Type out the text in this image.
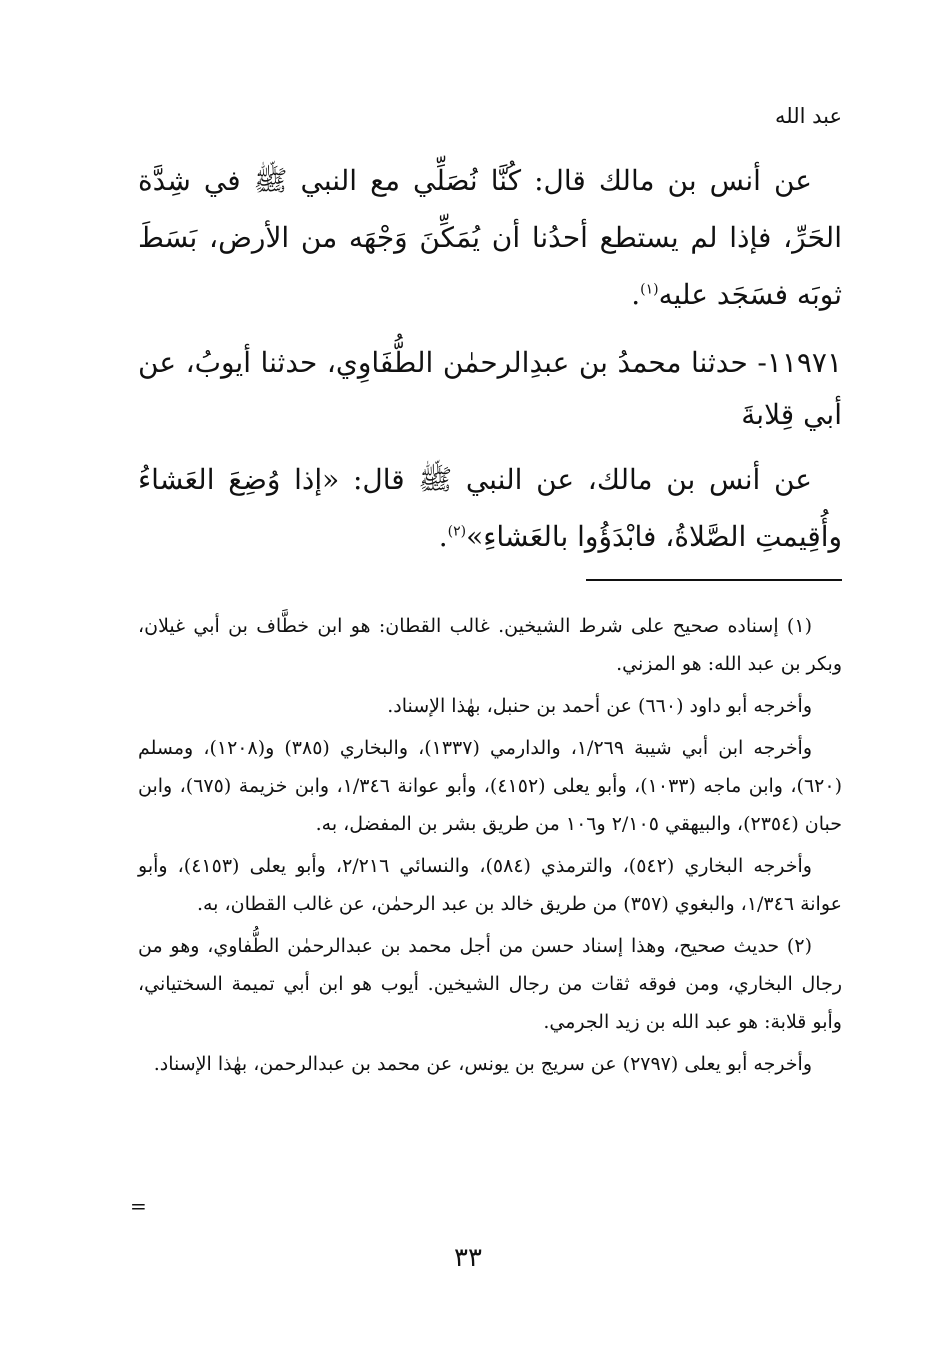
عبد الله

عن أنس بن مالك قال: كُنَّا نُصَلِّي مع النبي ﷺ في شِدَّة الحَرِّ، فإذا لم يستطع أحدُنا أن يُمَكِّنَ وَجْهَه من الأرض، بَسَطَ ثوبَه فسَجَد عليه$^{(١)}$.

١١٩٧١- حدثنا محمدُ بن عبدِالرحمٰن الطُّفَاوِي، حدثنا أيوبُ، عن أبي قِلابةَ

عن أنس بن مالك، عن النبي ﷺ قال: «إذا وُضِعَ العَشاءُ وأُقِيمتِ الصَّلاةُ، فابْدَؤُوا بالعَشاءِ»$^{(٢)}$.

(١) إسناده صحيح على شرط الشيخين. غالب القطان: هو ابن خطَّاف بن أبي غيلان، وبكر بن عبد الله: هو المزني.

وأخرجه أبو داود (٦٦٠) عن أحمد بن حنبل، بهٰذا الإسناد.

وأخرجه ابن أبي شيبة ١/٢٦٩، والدارمي (١٣٣٧)، والبخاري (٣٨٥) و(١٢٠٨)، ومسلم (٦٢٠)، وابن ماجه (١٠٣٣)، وأبو يعلى (٤١٥٢)، وأبو عوانة ١/٣٤٦، وابن خزيمة (٦٧٥)، وابن حبان (٢٣٥٤)، والبيهقي ٢/١٠٥ و١٠٦ من طريق بشر بن المفضل، به.

وأخرجه البخاري (٥٤٢)، والترمذي (٥٨٤)، والنسائي ٢/٢١٦، وأبو يعلى (٤١٥٣)، وأبو عوانة ١/٣٤٦، والبغوي (٣٥٧) من طريق خالد بن عبد الرحمٰن، عن غالب القطان، به.

(٢) حديث صحيح، وهذا إسناد حسن من أجل محمد بن عبدالرحمٰن الطُّفاوي، وهو من رجال البخاري، ومن فوقه ثقات من رجال الشيخين. أيوب هو ابن أبي تميمة السختياني، وأبو قلابة: هو عبد الله بن زيد الجرمي.

وأخرجه أبو يعلى (٢٧٩٧) عن سريج بن يونس، عن محمد بن عبدالرحمن، بهٰذا الإسناد.

=
٣٣
